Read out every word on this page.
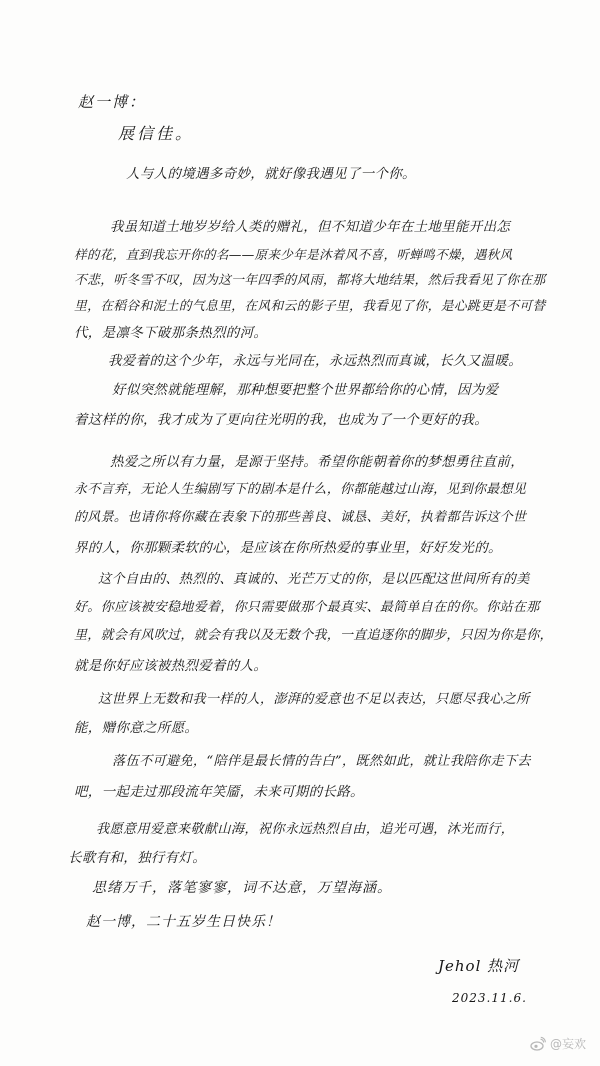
赵一博：
展信佳。
人与人的境遇多奇妙，就好像我遇见了一个你。
我虽知道土地岁岁给人类的赠礼，但不知道少年在土地里能开出怎
样的花，直到我忘开你的名——原来少年是沐着风不喜，听蝉鸣不燥，遇秋风
不悲，听冬雪不叹，因为这一年四季的风雨，都将大地结果，然后我看见了你在那
里，在稻谷和泥土的气息里，在风和云的影子里，我看见了你，是心跳更是不可替
代，是凛冬下破那条热烈的河。
我爱着的这个少年，永远与光同在，永远热烈而真诚，长久又温暖。
好似突然就能理解，那种想要把整个世界都给你的心情，因为爱
着这样的你，我才成为了更向往光明的我，也成为了一个更好的我。
热爱之所以有力量，是源于坚持。希望你能朝着你的梦想勇往直前，
永不言弃，无论人生编剧写下的剧本是什么，你都能越过山海，见到你最想见
的风景。也请你将你藏在表象下的那些善良、诚恳、美好，执着都告诉这个世
界的人，你那颗柔软的心，是应该在你所热爱的事业里，好好发光的。
这个自由的、热烈的、真诚的、光芒万丈的你，是以匹配这世间所有的美
好。你应该被安稳地爱着，你只需要做那个最真实、最简单自在的你。你站在那
里，就会有风吹过，就会有我以及无数个我，一直追逐你的脚步，只因为你是你，
就是你好应该被热烈爱着的人。
这世界上无数和我一样的人，澎湃的爱意也不足以表达，只愿尽我心之所
能，赠你意之所愿。
落伍不可避免，“陪伴是最长情的告白”，既然如此，就让我陪你走下去
吧，一起走过那段流年笑靥，未来可期的长路。
我愿意用爱意来敬献山海，祝你永远热烈自由，追光可遇，沐光而行，
长歌有和，独行有灯。
思绪万千，落笔寥寥，词不达意，万望海涵。
赵一博，二十五岁生日快乐！
Jehol 热河
2023.11.6.
@妄欢
